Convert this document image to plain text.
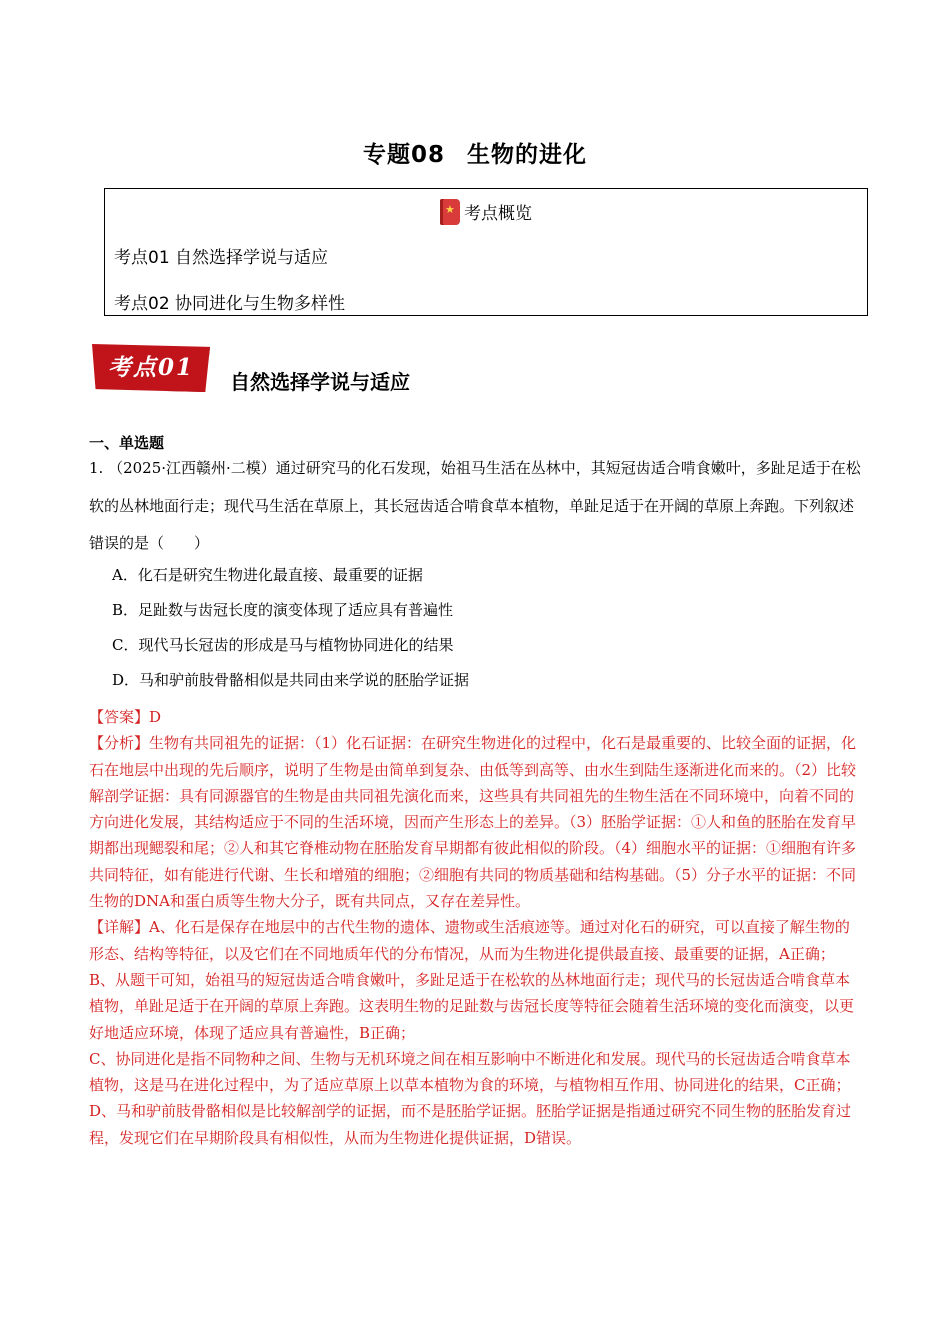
专题08 生物的进化
★考点概览
考点01 自然选择学说与适应
考点02 协同进化与生物多样性
考点01
自然选择学说与适应
一、单选题
1. （2025·江西赣州·二模）通过研究马的化石发现，始祖马生活在丛林中，其短冠齿适合啃食嫩叶，多趾足适于在松软的丛林地面行走；现代马生活在草原上，其长冠齿适合啃食草本植物，单趾足适于在开阔的草原上奔跑。下列叙述错误的是（　　）
A．化石是研究生物进化最直接、最重要的证据
B．足趾数与齿冠长度的演变体现了适应具有普遍性
C．现代马长冠齿的形成是马与植物协同进化的结果
D．马和驴前肢骨骼相似是共同由来学说的胚胎学证据

【答案】D

【分析】生物有共同祖先的证据：（1）化石证据：在研究生物进化的过程中，化石是最重要的、比较全面的证据，化石在地层中出现的先后顺序，说明了生物是由简单到复杂、由低等到高等、由水生到陆生逐渐进化而来的。（2）比较解剖学证据：具有同源器官的生物是由共同祖先演化而来，这些具有共同祖先的生物生活在不同环境中，向着不同的方向进化发展，其结构适应于不同的生活环境，因而产生形态上的差异。（3）胚胎学证据：①人和鱼的胚胎在发育早期都出现鳃裂和尾；②人和其它脊椎动物在胚胎发育早期都有彼此相似的阶段。（4）细胞水平的证据：①细胞有许多共同特征，如有能进行代谢、生长和增殖的细胞；②细胞有共同的物质基础和结构基础。（5）分子水平的证据：不同生物的DNA和蛋白质等生物大分子，既有共同点，又存在差异性。

【详解】A、化石是保存在地层中的古代生物的遗体、遗物或生活痕迹等。通过对化石的研究，可以直接了解生物的形态、结构等特征，以及它们在不同地质年代的分布情况，从而为生物进化提供最直接、最重要的证据，A正确；

B、从题干可知，始祖马的短冠齿适合啃食嫩叶，多趾足适于在松软的丛林地面行走；现代马的长冠齿适合啃食草本植物，单趾足适于在开阔的草原上奔跑。这表明生物的足趾数与齿冠长度等特征会随着生活环境的变化而演变，以更好地适应环境，体现了适应具有普遍性，B正确；

C、协同进化是指不同物种之间、生物与无机环境之间在相互影响中不断进化和发展。现代马的长冠齿适合啃食草本植物，这是马在进化过程中，为了适应草原上以草本植物为食的环境，与植物相互作用、协同进化的结果，C正确；

D、马和驴前肢骨骼相似是比较解剖学的证据，而不是胚胎学证据。胚胎学证据是指通过研究不同生物的胚胎发育过程，发现它们在早期阶段具有相似性，从而为生物进化提供证据，D错误。
